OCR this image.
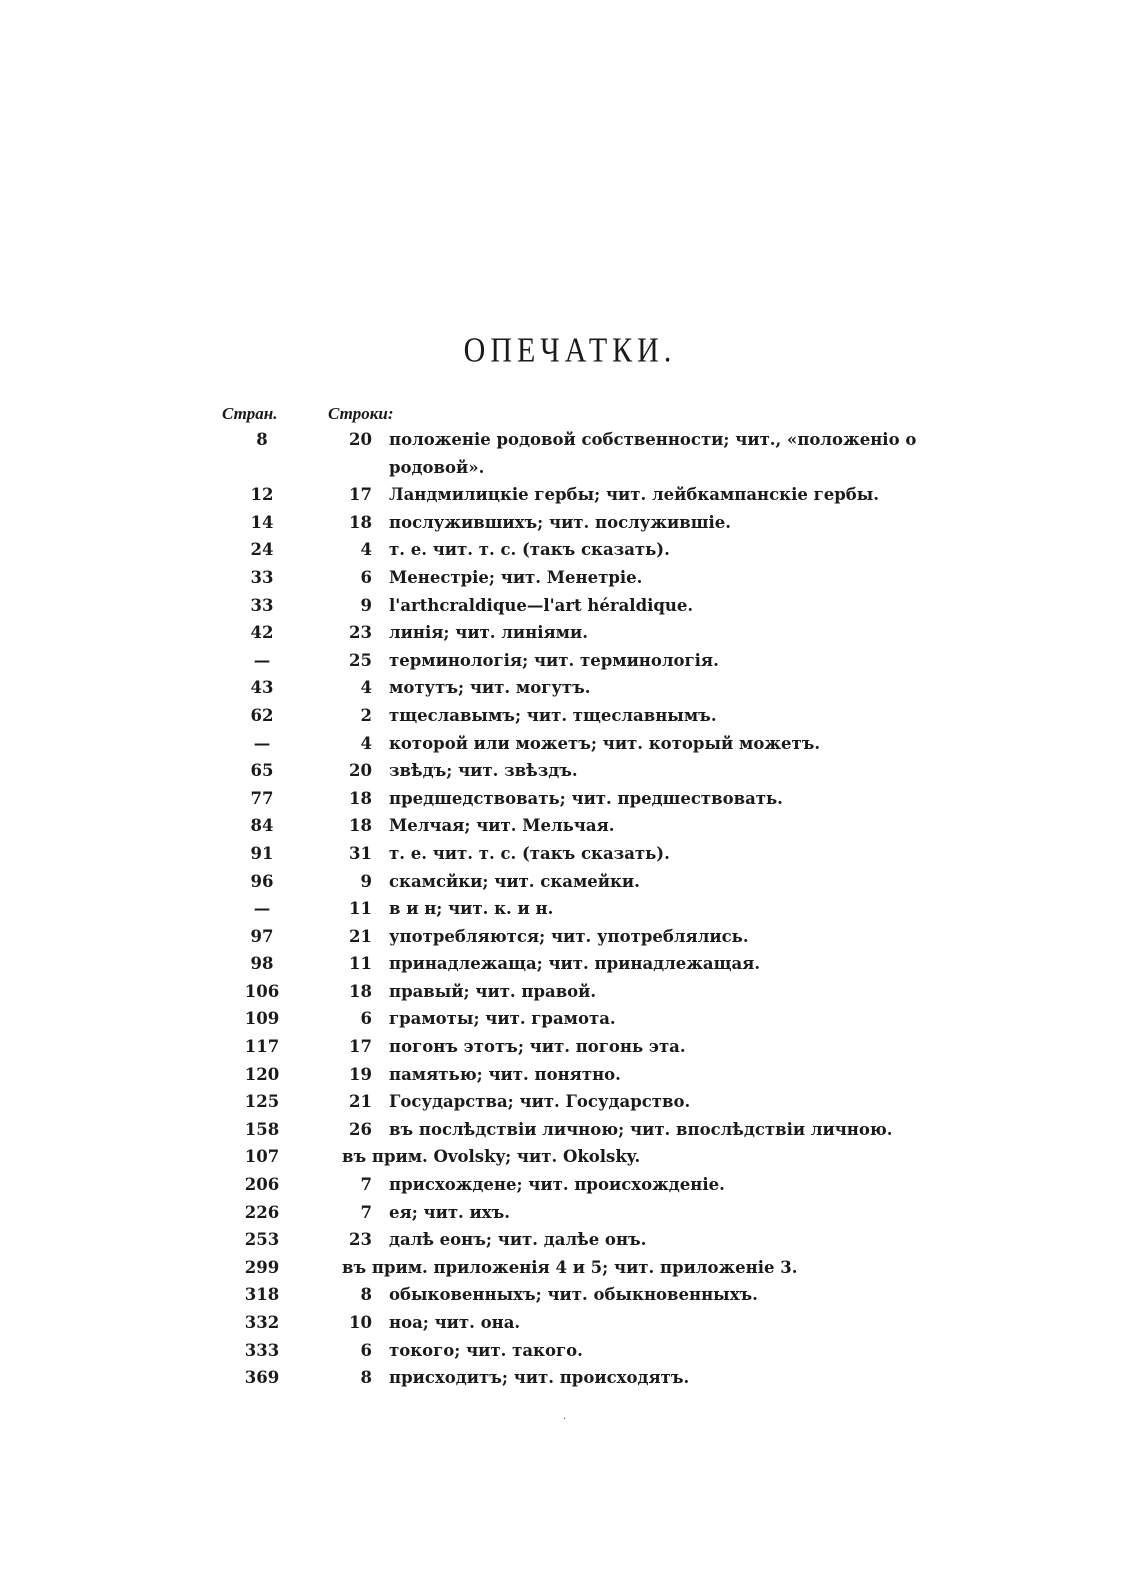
ОПЕЧАТКИ.
Стран.	Строки:
8	20 положеніе родовой собственности; чит., «положеніо о
родовой».
12	17 Ландмилицкіе гербы; чит. лейбкампанскіе гербы.
14	18 послужившихъ; чит. послужившіе.
24	4 т. е. чит. т. с. (такъ сказать).
33	6 Менестріе; чит. Менетріе.
33	9 l'arthcraldique—l'art héraldique.
42	23 линія; чит. линіями.
—	25 терминологія; чит. терминологія.
43	4 мотутъ; чит. могутъ.
62	2 тщеславымъ; чит. тщеславнымъ.
—	4 которой или можетъ; чит. который можетъ.
65	20 звѣдъ; чит. звѣздъ.
77	18 предшедствовать; чит. предшествовать.
84	18 Мелчая; чит. Мельчая.
91	31 т. е. чит. т. с. (такъ сказать).
96	9 скамсйки; чит. скамейки.
—	11 в и н; чит. к. и н.
97	21 употребляются; чит. употреблялись.
98	11 принадлежаща; чит. принадлежащая.
106	18 правый; чит. правой.
109	6 грамоты; чит. грамота.
117	17 погонъ этотъ; чит. погонь эта.
120	19 памятью; чит. понятно.
125	21 Государства; чит. Государство.
158	26 въ послѣдствіи личною; чит. впослѣдствіи личною.
107	въ прим. Ovolsky; чит. Okolsky.
206	7 присхождене; чит. происхожденіе.
226	7 ея; чит. ихъ.
253	23 далѣ еонъ; чит. далѣе онъ.
299	въ прим. приложенія 4 и 5; чит. приложеніе 3.
318	8 обыковенныхъ; чит. обыкновенныхъ.
332	10 ноа; чит. она.
333	6 токого; чит. такого.
369	8 присходитъ; чит. происходятъ.
·
